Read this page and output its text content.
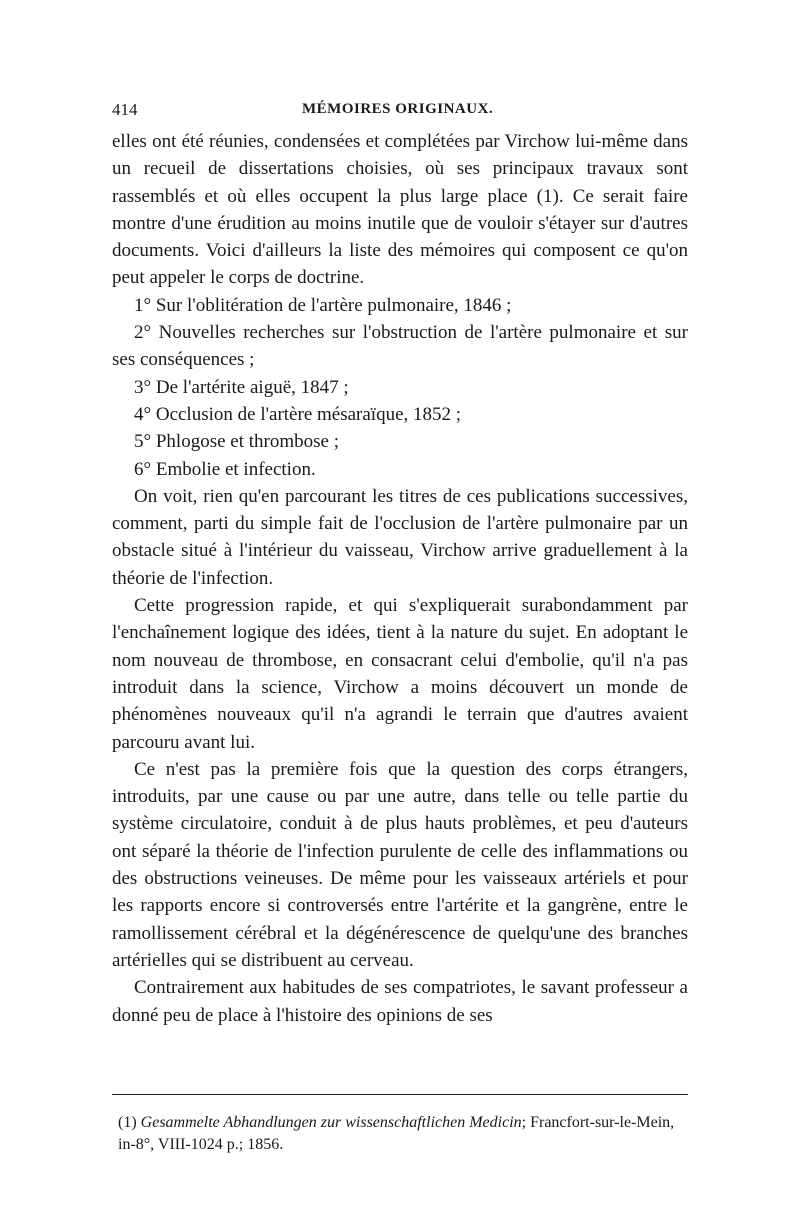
414	MÉMOIRES ORIGINAUX.

elles ont été réunies, condensées et complétées par Virchow lui-même dans un recueil de dissertations choisies, où ses principaux travaux sont rassemblés et où elles occupent la plus large place (1). Ce serait faire montre d'une érudition au moins inutile que de vouloir s'étayer sur d'autres documents. Voici d'ailleurs la liste des mémoires qui composent ce qu'on peut appeler le corps de doctrine.

1° Sur l'oblitération de l'artère pulmonaire, 1846 ;

2° Nouvelles recherches sur l'obstruction de l'artère pulmonaire et sur ses conséquences ;

3° De l'artérite aiguë, 1847 ;

4° Occlusion de l'artère mésaraïque, 1852 ;

5° Phlogose et thrombose ;

6° Embolie et infection.

On voit, rien qu'en parcourant les titres de ces publications successives, comment, parti du simple fait de l'occlusion de l'artère pulmonaire par un obstacle situé à l'intérieur du vaisseau, Virchow arrive graduellement à la théorie de l'infection.

Cette progression rapide, et qui s'expliquerait surabondamment par l'enchaînement logique des idées, tient à la nature du sujet. En adoptant le nom nouveau de thrombose, en consacrant celui d'embolie, qu'il n'a pas introduit dans la science, Virchow a moins découvert un monde de phénomènes nouveaux qu'il n'a agrandi le terrain que d'autres avaient parcouru avant lui.

Ce n'est pas la première fois que la question des corps étrangers, introduits, par une cause ou par une autre, dans telle ou telle partie du système circulatoire, conduit à de plus hauts problèmes, et peu d'auteurs ont séparé la théorie de l'infection purulente de celle des inflammations ou des obstructions veineuses. De même pour les vaisseaux artériels et pour les rapports encore si controversés entre l'artérite et la gangrène, entre le ramollissement cérébral et la dégénérescence de quelqu'une des branches artérielles qui se distribuent au cerveau.

Contrairement aux habitudes de ses compatriotes, le savant professeur a donné peu de place à l'histoire des opinions de ses

(1) Gesammelte Abhandlungen zur wissenschaftlichen Medicin; Francfort-sur-le-Mein, in-8°, VIII-1024 p.; 1856.
